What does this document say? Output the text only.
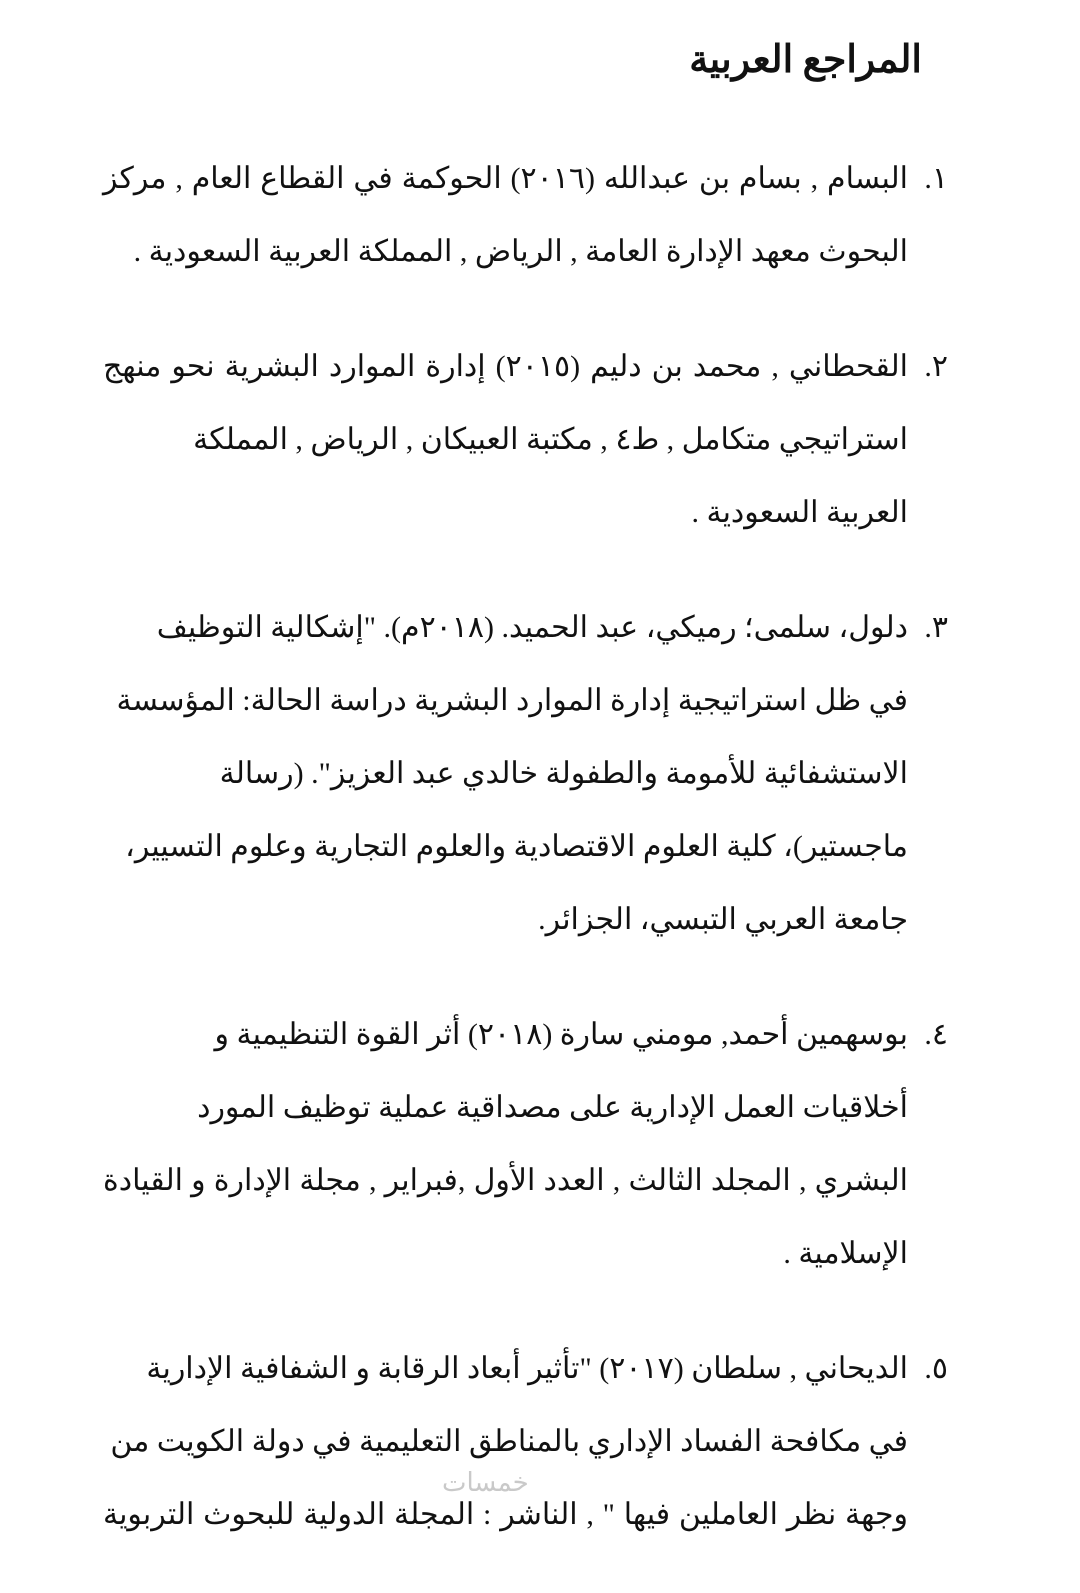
المراجع العربية
١.
البسام , بسام بن عبدالله (٢٠١٦) الحوكمة في القطاع العام , مركز
البحوث معهد الإدارة العامة , الرياض , المملكة العربية السعودية .
٢.
القحطاني , محمد بن دليم (٢٠١٥) إدارة الموارد البشرية نحو منهج
استراتيجي متكامل , ط٤ , مكتبة العبيكان , الرياض , المملكة
العربية السعودية .
٣.
دلول، سلمى؛ رميكي، عبد الحميد. (٢٠١٨م). "إشكالية التوظيف
في ظل استراتيجية إدارة الموارد البشرية دراسة الحالة: المؤسسة
الاستشفائية للأمومة والطفولة خالدي عبد العزيز". (رسالة
ماجستير)، كلية العلوم الاقتصادية والعلوم التجارية وعلوم التسيير،
جامعة العربي التبسي، الجزائر.
٤.
بوسهمين أحمد, مومني سارة (٢٠١٨) أثر القوة التنظيمية و
أخلاقيات العمل الإدارية على مصداقية عملية توظيف المورد
البشري , المجلد الثالث , العدد الأول ,فبراير , مجلة الإدارة و القيادة
الإسلامية .
٥.
الديحاني , سلطان (٢٠١٧) "تأثير أبعاد الرقابة و الشفافية الإدارية
في مكافحة الفساد الإداري بالمناطق التعليمية في دولة الكويت من
وجهة نظر العاملين فيها " , الناشر : المجلة الدولية للبحوث التربوية
خمسات
